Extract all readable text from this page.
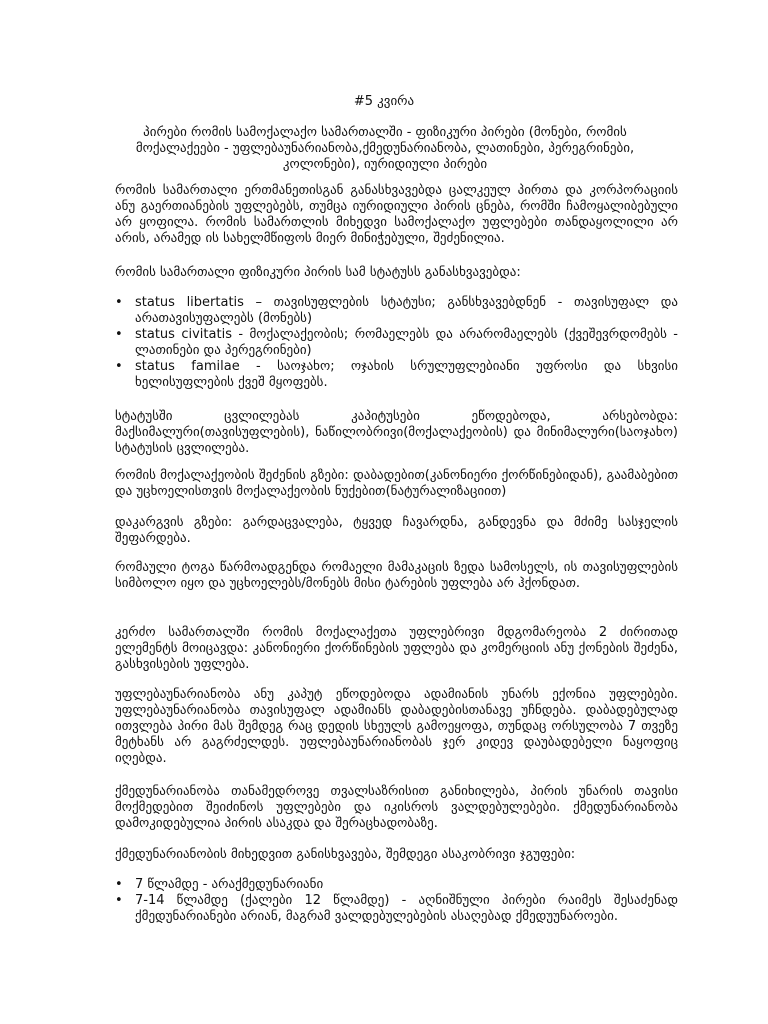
#5 კვირა
პირები რომის სამოქალაქო სამართალში - ფიზიკური პირები (მონები, რომის
მოქალაქეები - უფლებაუნარიანობა,ქმედუნარიანობა, ლათინები, პერეგრინები,
კოლონები), იურიდიული პირები

რომის სამართალი ერთმანეთისგან განასხვავებდა ცალკეულ პირთა და კორპორაციის ანუ გაერთიანების უფლებებს, თუმცა იურიდიული პირის ცნება, რომში ჩამოყალიბებული არ ყოფილა. რომის სამართლის მიხედვი სამოქალაქო უფლებები თანდაყოლილი არ არის, არამედ ის სახელმწიფოს მიერ მინიჭებული, შეძენილია.

რომის სამართალი ფიზიკური პირის სამ სტატუსს განასხვავებდა:

• status libertatis – თავისუფლების სტატუსი; განსხვავებდნენ - თავისუფალ და არათავისუფალებს (მონებს)
• status civitatis - მოქალაქეობის; რომაელებს და არარომაელებს (ქვეშევრდომებს - ლათინები და პერეგრინები)
• status familae - საოჯახო; ოჯახის სრულუფლებიანი უფროსი და სხვისი ხელისუფლების ქვეშ მყოფებს.

სტატუსში ცვლილებას კაპიტუსები ეწოდებოდა, არსებობდა: მაქსიმალური(თავისუფლების), ნაწილობრივი(მოქალაქეობის) და მინიმალური(საოჯახო) სტატუსის ცვლილება.

რომის მოქალაქეობის შეძენის გზები: დაბადებით(კანონიერი ქორწინებიდან), გაამაბებით და უცხოელისთვის მოქალაქეობის ნუქებით(ნატურალიზაციით)

დაკარგვის გზები: გარდაცვალება, ტყვედ ჩავარდნა, განდევნა და მძიმე სასჯელის შეფარდება.

რომაული ტოგა წარმოადგენდა რომაელი მამაკაცის ზედა სამოსელს, ის თავისუფლების სიმბოლო იყო და უცხოელებს/მონებს მისი ტარების უფლება არ ჰქონდათ.

კერძო სამართალში რომის მოქალაქეთა უფლებრივი მდგომარეობა 2 ძირითად ელემენტს მოიცავდა: კანონიერი ქორწინების უფლება და კომერციის ანუ ქონების შეძენა, გასხვისების უფლება.

უფლებაუნარიანობა ანუ კაპუტ ეწოდებოდა ადამიანის უნარს ექონია უფლებები. უფლებაუნარიანობა თავისუფალ ადამიანს დაბადებისთანავე უჩნდება. დაბადებულად ითვლება პირი მას შემდეგ რაც დედის სხეულს გამოეყოფა, თუნდაც ორსულობა 7 თვეზე მეტხანს არ გაგრძელდეს. უფლებაუნარიანობას ჯერ კიდევ დაუბადებელი ნაყოფიც იღებდა.

ქმედუნარიანობა თანამედროვე თვალსაზრისით განიხილება, პირის უნარის თავისი მოქმედებით შეიძინოს უფლებები და იკისროს ვალდებულებები. ქმედუნარიანობა დამოკიდებულია პირის ასაკდა და შერაცხადობაზე.

ქმედუნარიანობის მიხედვით განისხვავება, შემდეგი ასაკობრივი ჯგუფები:

• 7 წლამდე - არაქმედუნარიანი
• 7-14 წლამდე (ქალები 12 წლამდე) - აღნიშნული პირები რაიმეს შესაძენად ქმედუნარიანები არიან, მაგრამ ვალდებულებების ასაღებად ქმედუუნაროები.
